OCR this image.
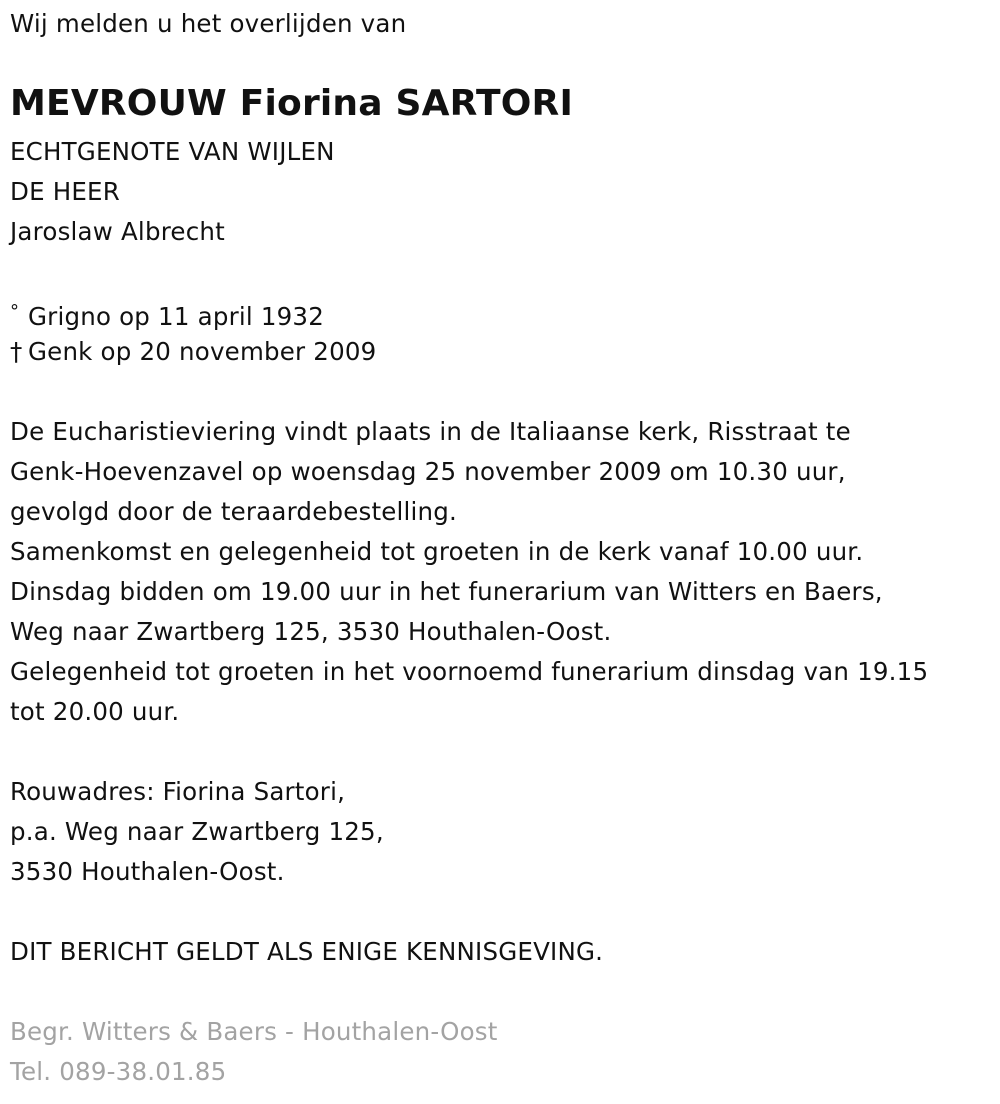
Wij melden u het overlijden van
MEVROUW Fiorina SARTORI
ECHTGENOTE VAN WIJLEN
DE HEER
Jaroslaw Albrecht
° Grigno op 11 april 1932
† Genk op 20 november 2009
De Eucharistieviering vindt plaats in de Italiaanse kerk, Risstraat te
Genk-Hoevenzavel op woensdag 25 november 2009 om 10.30 uur,
gevolgd door de teraardebestelling.
Samenkomst en gelegenheid tot groeten in de kerk vanaf 10.00 uur.
Dinsdag bidden om 19.00 uur in het funerarium van Witters en Baers,
Weg naar Zwartberg 125, 3530 Houthalen-Oost.
Gelegenheid tot groeten in het voornoemd funerarium dinsdag van 19.15
tot 20.00 uur.
Rouwadres: Fiorina Sartori,
p.a. Weg naar Zwartberg 125,
3530 Houthalen-Oost.
DIT BERICHT GELDT ALS ENIGE KENNISGEVING.
Begr. Witters & Baers - Houthalen-Oost
Tel. 089-38.01.85
